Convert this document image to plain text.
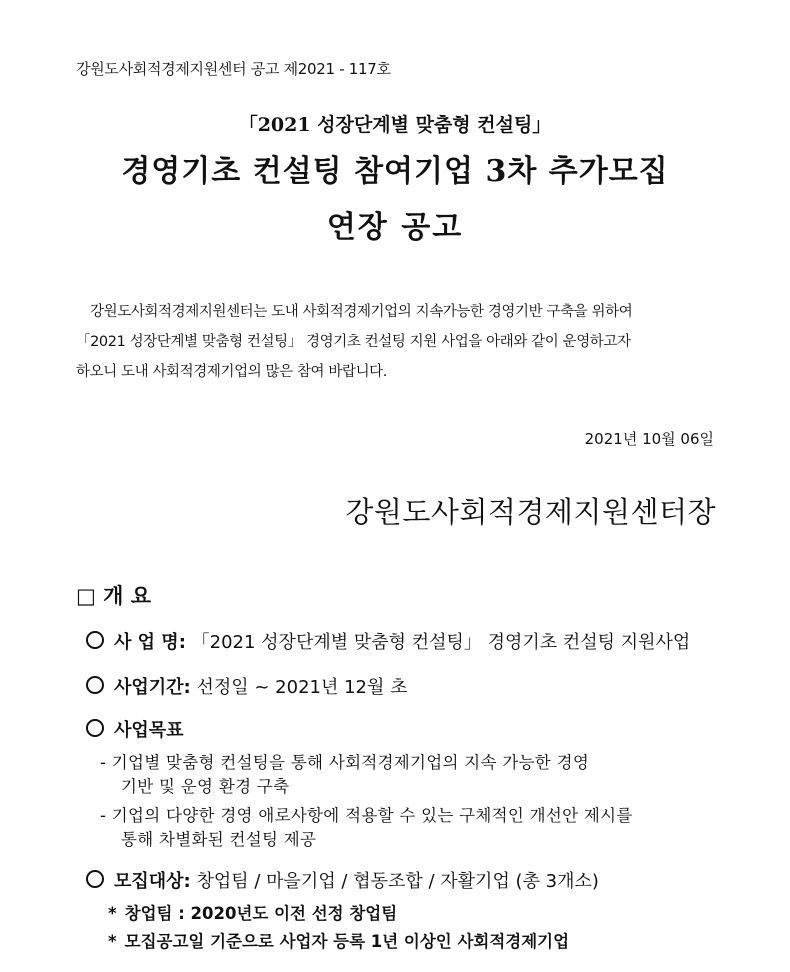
강원도사회적경제지원센터 공고 제2021 - 117호
「2021 성장단계별 맞춤형 컨설팅」
경영기초 컨설팅 참여기업 3차 추가모집
연장 공고
강원도사회적경제지원센터는 도내 사회적경제기업의 지속가능한 경영기반 구축을 위하여
「2021 성장단계별 맞춤형 컨설팅」 경영기초 컨설팅 지원 사업을 아래와 같이 운영하고자
하오니 도내 사회적경제기업의 많은 참여 바랍니다.
2021년 10월 06일
강원도사회적경제지원센터장
□ 개 요
사 업 명: 「2021 성장단계별 맞춤형 컨설팅」 경영기초 컨설팅 지원사업
사업기간: 선정일 ~ 2021년 12월 초
사업목표
- 기업별 맞춤형 컨설팅을 통해 사회적경제기업의 지속 가능한 경영
기반 및 운영 환경 구축
- 기업의 다양한 경영 애로사항에 적용할 수 있는 구체적인 개선안 제시를
통해 차별화된 컨설팅 제공
모집대상: 창업팀 / 마을기업 / 협동조합 / 자활기업 (총 3개소)
* 창업팀 : 2020년도 이전 선정 창업팀
* 모집공고일 기준으로 사업자 등록 1년 이상인 사회적경제기업
